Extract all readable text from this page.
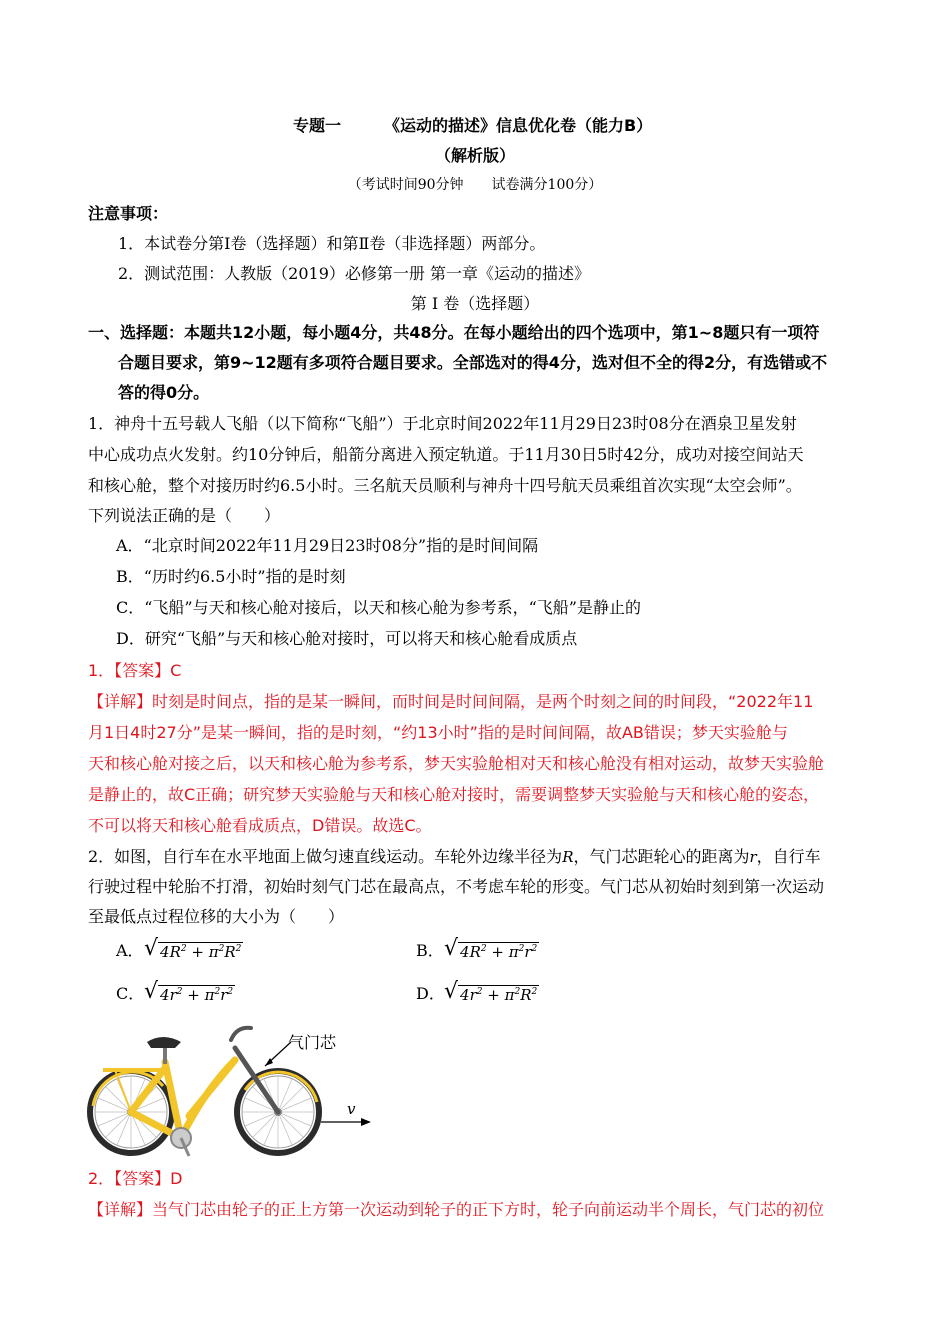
专题一	《运动的描述》信息优化卷（能力B）
（解析版）
（考试时间90分钟　　试卷满分100分）
注意事项：
1．本试卷分第Ⅰ卷（选择题）和第Ⅱ卷（非选择题）两部分。
2．测试范围：人教版（2019）必修第一册 第一章《运动的描述》
第 Ⅰ 卷（选择题）
一、选择题：本题共12小题，每小题4分，共48分。在每小题给出的四个选项中，第1~8题只有一项符
合题目要求，第9~12题有多项符合题目要求。全部选对的得4分，选对但不全的得2分，有选错或不
答的得0分。
1．神舟十五号载人飞船（以下简称“飞船”）于北京时间2022年11月29日23时08分在酒泉卫星发射
中心成功点火发射。约10分钟后，船箭分离进入预定轨道。于11月30日5时42分，成功对接空间站天
和核心舱，整个对接历时约6.5小时。三名航天员顺利与神舟十四号航天员乘组首次实现“太空会师”。
下列说法正确的是（　　）
A．“北京时间2022年11月29日23时08分”指的是时间间隔
B．“历时约6.5小时”指的是时刻
C．“飞船”与天和核心舱对接后，以天和核心舱为参考系，“飞船”是静止的
D．研究“飞船”与天和核心舱对接时，可以将天和核心舱看成质点
1．【答案】C
【详解】时刻是时间点，指的是某一瞬间，而时间是时间间隔，是两个时刻之间的时间段，“2022年11
月1日4时27分”是某一瞬间，指的是时刻，“约13小时”指的是时间间隔，故AB错误；梦天实验舱与
天和核心舱对接之后，以天和核心舱为参考系，梦天实验舱相对天和核心舱没有相对运动，故梦天实验舱
是静止的，故C正确；研究梦天实验舱与天和核心舱对接时，需要调整梦天实验舱与天和核心舱的姿态，
不可以将天和核心舱看成质点，D错误。故选C。
2．如图，自行车在水平地面上做匀速直线运动。车轮外边缘半径为R，气门芯距轮心的距离为r，自行车
行驶过程中轮胎不打滑，初始时刻气门芯在最高点，不考虑车轮的形变。气门芯从初始时刻到第一次运动
至最低点过程位移的大小为（　　）
A． √ $4R^2 + \pi^2R^2$	B． √ $4R^2 + \pi^2r^2$
C． √ $4r^2 + \pi^2r^2$	D． √ $4r^2 + \pi^2R^2$
气门芯
v
2．【答案】D
【详解】当气门芯由轮子的正上方第一次运动到轮子的正下方时，轮子向前运动半个周长，气门芯的初位
